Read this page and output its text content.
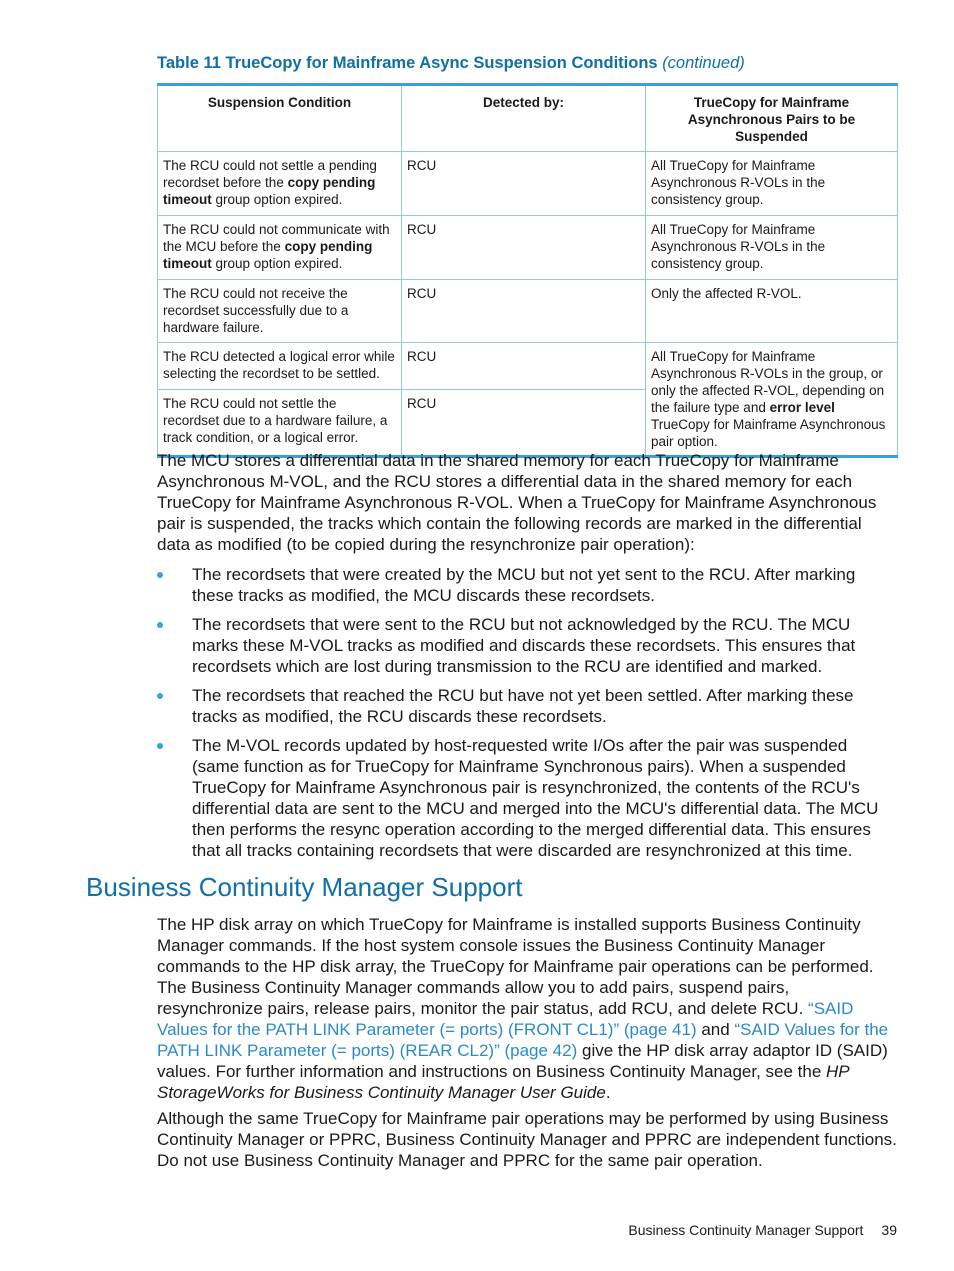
Table 11 TrueCopy for Mainframe Async Suspension Conditions (continued)
Suspension Condition	Detected by:	TrueCopy for Mainframe Asynchronous Pairs to be Suspended
The RCU could not settle a pending recordset before the copy pending timeout group option expired.	RCU	All TrueCopy for Mainframe Asynchronous R-VOLs in the consistency group.
The RCU could not communicate with the MCU before the copy pending timeout group option expired.	RCU	All TrueCopy for Mainframe Asynchronous R-VOLs in the consistency group.
The RCU could not receive the recordset successfully due to a hardware failure.	RCU	Only the affected R-VOL.
The RCU detected a logical error while selecting the recordset to be settled.	RCU	All TrueCopy for Mainframe Asynchronous R-VOLs in the group, or only the affected R-VOL, depending on the failure type and error level TrueCopy for Mainframe Asynchronous pair option.
The RCU could not settle the recordset due to a hardware failure, a track condition, or a logical error.	RCU	

The MCU stores a differential data in the shared memory for each TrueCopy for Mainframe Asynchronous M-VOL, and the RCU stores a differential data in the shared memory for each TrueCopy for Mainframe Asynchronous R-VOL. When a TrueCopy for Mainframe Asynchronous pair is suspended, the tracks which contain the following records are marked in the differential data as modified (to be copied during the resynchronize pair operation):

The recordsets that were created by the MCU but not yet sent to the RCU. After marking these tracks as modified, the MCU discards these recordsets.
The recordsets that were sent to the RCU but not acknowledged by the RCU. The MCU marks these M-VOL tracks as modified and discards these recordsets. This ensures that recordsets which are lost during transmission to the RCU are identified and marked.
The recordsets that reached the RCU but have not yet been settled. After marking these tracks as modified, the RCU discards these recordsets.
The M-VOL records updated by host-requested write I/Os after the pair was suspended (same function as for TrueCopy for Mainframe Synchronous pairs). When a suspended TrueCopy for Mainframe Asynchronous pair is resynchronized, the contents of the RCU's differential data are sent to the MCU and merged into the MCU's differential data. The MCU then performs the resync operation according to the merged differential data. This ensures that all tracks containing recordsets that were discarded are resynchronized at this time.
Business Continuity Manager Support

The HP disk array on which TrueCopy for Mainframe is installed supports Business Continuity Manager commands. If the host system console issues the Business Continuity Manager commands to the HP disk array, the TrueCopy for Mainframe pair operations can be performed. The Business Continuity Manager commands allow you to add pairs, suspend pairs, resynchronize pairs, release pairs, monitor the pair status, add RCU, and delete RCU. “SAID Values for the PATH LINK Parameter (= ports) (FRONT CL1)” (page 41) and “SAID Values for the PATH LINK Parameter (= ports) (REAR CL2)” (page 42) give the HP disk array adaptor ID (SAID) values. For further information and instructions on Business Continuity Manager, see the HP StorageWorks for Business Continuity Manager User Guide.

Although the same TrueCopy for Mainframe pair operations may be performed by using Business Continuity Manager or PPRC, Business Continuity Manager and PPRC are independent functions. Do not use Business Continuity Manager and PPRC for the same pair operation.

Business Continuity Manager Support 39
